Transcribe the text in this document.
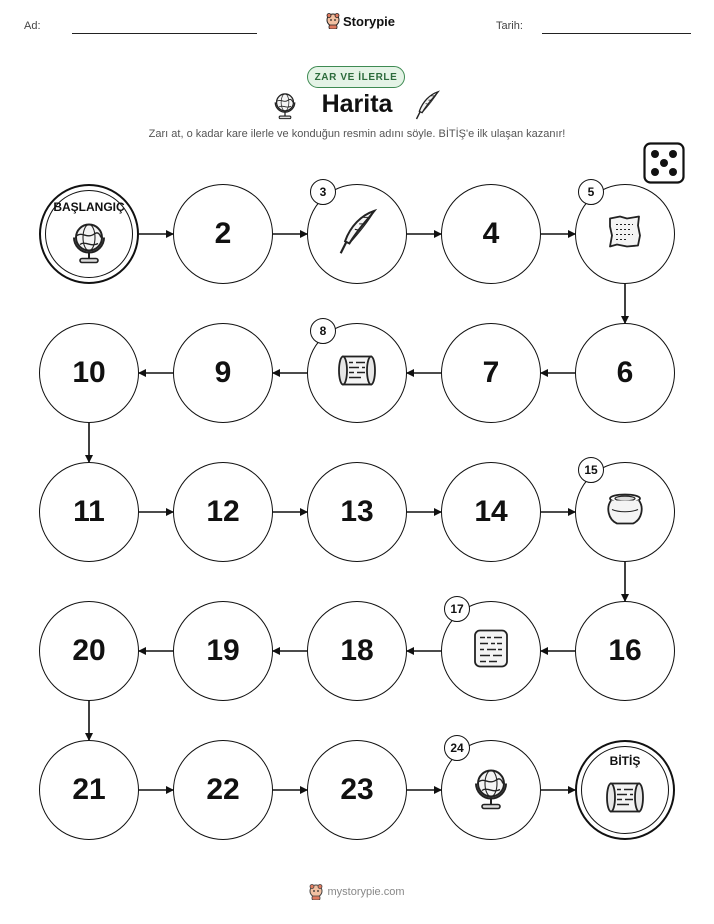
Ad:	Storypie	Tarih:
ZAR VE İLERLE
Harita
Zarı at, o kadar kare ilerle ve konduğun resmin adını söyle. BİTİŞ'e ilk ulaşan kazanır!
BAŞLANGIÇ
2
3
4
5
6
7
8
9
10
11	12	13	14
15
16
17
18
19
20
21	22	23
24
BİTİŞ
mystorypie.com
